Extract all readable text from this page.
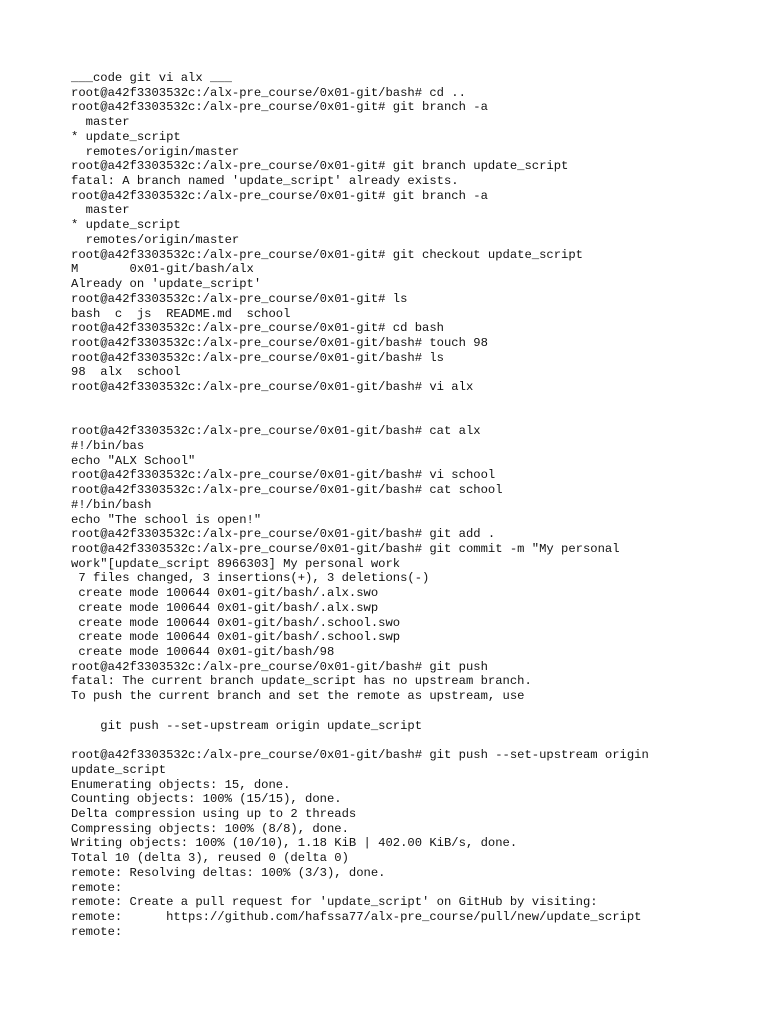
___code git vi alx ___
root@a42f3303532c:/alx-pre_course/0x01-git/bash# cd ..
root@a42f3303532c:/alx-pre_course/0x01-git# git branch -a
master
* update_script
remotes/origin/master
root@a42f3303532c:/alx-pre_course/0x01-git# git branch update_script
fatal: A branch named 'update_script' already exists.
root@a42f3303532c:/alx-pre_course/0x01-git# git branch -a
master
* update_script
remotes/origin/master
root@a42f3303532c:/alx-pre_course/0x01-git# git checkout update_script
M       0x01-git/bash/alx
Already on 'update_script'
root@a42f3303532c:/alx-pre_course/0x01-git# ls
bash  c  js  README.md  school
root@a42f3303532c:/alx-pre_course/0x01-git# cd bash
root@a42f3303532c:/alx-pre_course/0x01-git/bash# touch 98
root@a42f3303532c:/alx-pre_course/0x01-git/bash# ls
98  alx  school
root@a42f3303532c:/alx-pre_course/0x01-git/bash# vi alx
root@a42f3303532c:/alx-pre_course/0x01-git/bash# cat alx
#!/bin/bas
echo "ALX School"
root@a42f3303532c:/alx-pre_course/0x01-git/bash# vi school
root@a42f3303532c:/alx-pre_course/0x01-git/bash# cat school
#!/bin/bash
echo "The school is open!"
root@a42f3303532c:/alx-pre_course/0x01-git/bash# git add .
root@a42f3303532c:/alx-pre_course/0x01-git/bash# git commit -m "My personal
work"[update_script 8966303] My personal work
7 files changed, 3 insertions(+), 3 deletions(-)
create mode 100644 0x01-git/bash/.alx.swo
create mode 100644 0x01-git/bash/.alx.swp
create mode 100644 0x01-git/bash/.school.swo
create mode 100644 0x01-git/bash/.school.swp
create mode 100644 0x01-git/bash/98
root@a42f3303532c:/alx-pre_course/0x01-git/bash# git push
fatal: The current branch update_script has no upstream branch.
To push the current branch and set the remote as upstream, use
git push --set-upstream origin update_script
root@a42f3303532c:/alx-pre_course/0x01-git/bash# git push --set-upstream origin
update_script
Enumerating objects: 15, done.
Counting objects: 100% (15/15), done.
Delta compression using up to 2 threads
Compressing objects: 100% (8/8), done.
Writing objects: 100% (10/10), 1.18 KiB | 402.00 KiB/s, done.
Total 10 (delta 3), reused 0 (delta 0)
remote: Resolving deltas: 100% (3/3), done.
remote:
remote: Create a pull request for 'update_script' on GitHub by visiting:
remote:      https://github.com/hafssa77/alx-pre_course/pull/new/update_script
remote:
